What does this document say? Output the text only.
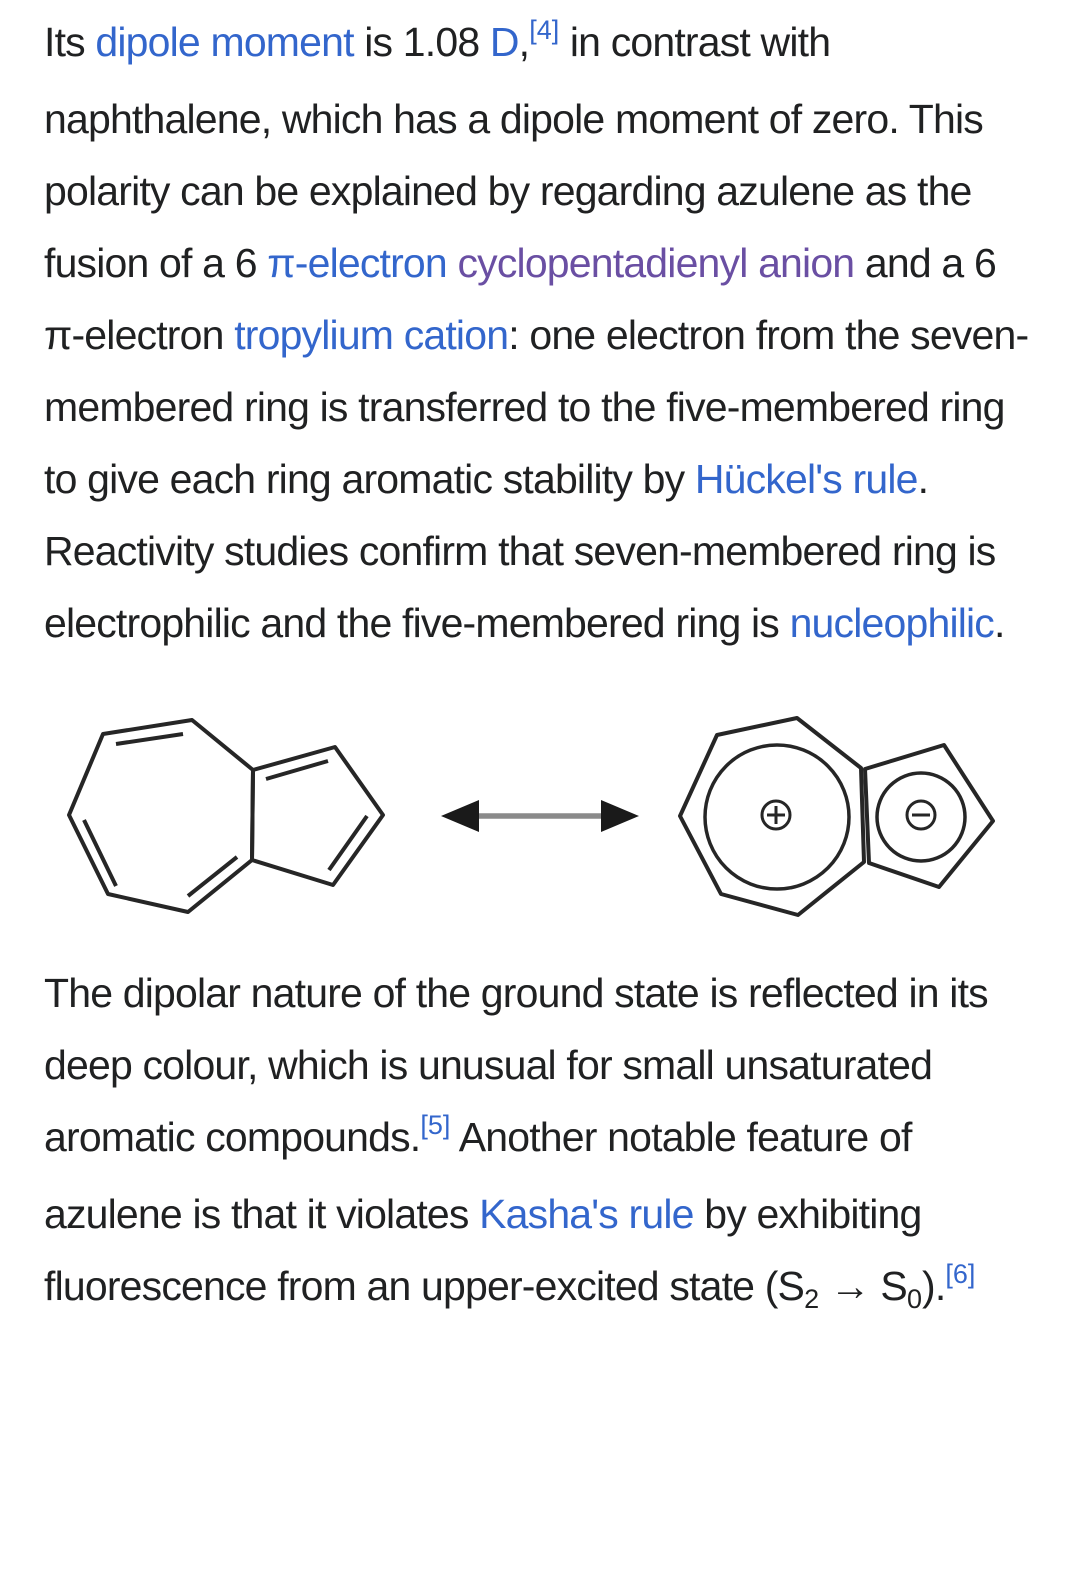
Its dipole moment is 1.08 D,[4] in contrast with naphthalene, which has a dipole moment of zero. This polarity can be explained by regarding azulene as the fusion of a 6 π-electron cyclopentadienyl anion and a 6 π-electron tropylium cation: one electron from the seven-membered ring is transferred to the five-membered ring to give each ring aromatic stability by Hückel's rule. Reactivity studies confirm that seven-membered ring is electrophilic and the five-membered ring is nucleophilic.

The dipolar nature of the ground state is reflected in its deep colour, which is unusual for small unsaturated aromatic compounds.[5] Another notable feature of azulene is that it violates Kasha's rule by exhibiting fluorescence from an upper-excited state (S2 → S0).[6]
